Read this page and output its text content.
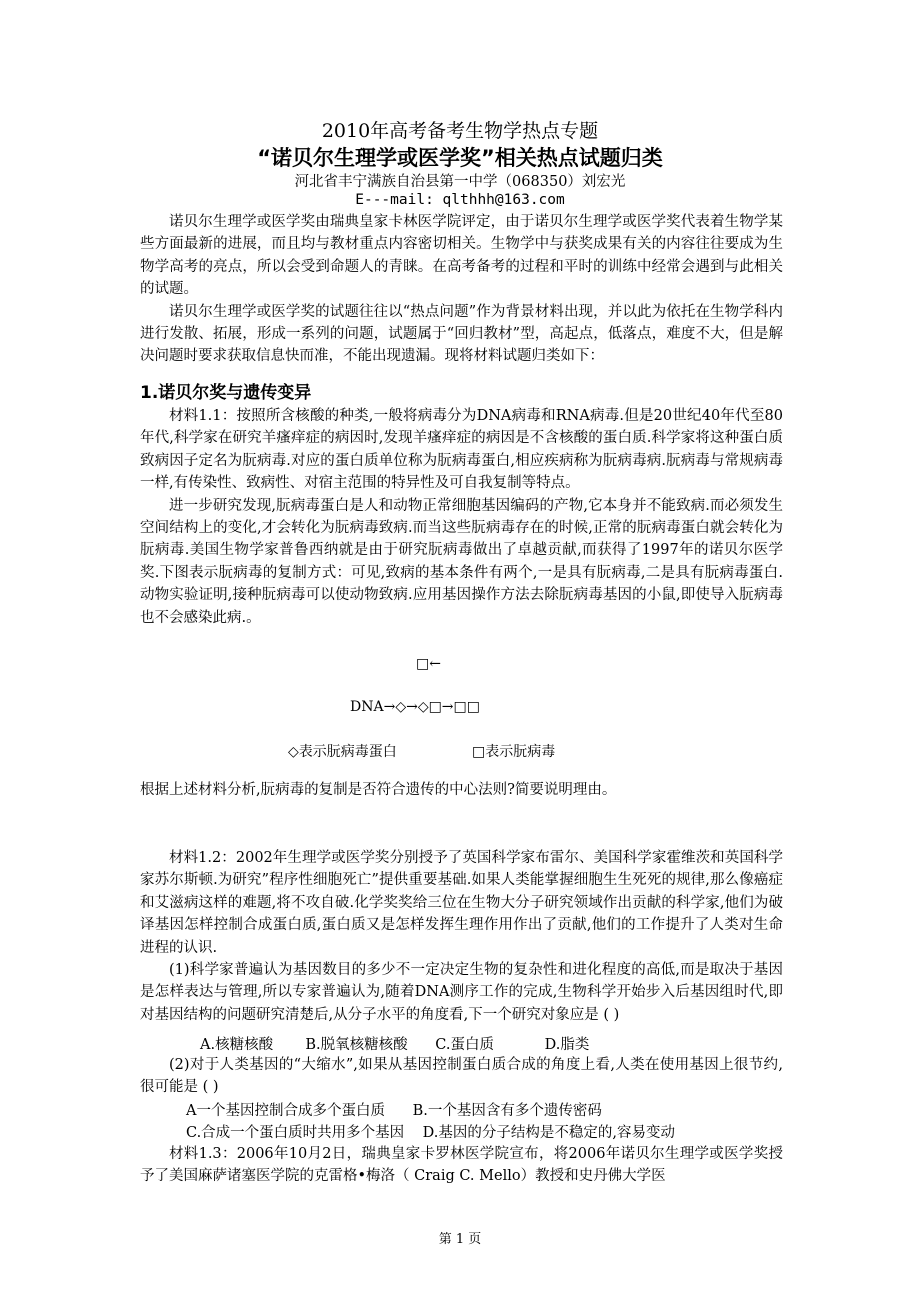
2010年高考备考生物学热点专题
“诺贝尔生理学或医学奖”相关热点试题归类
河北省丰宁满族自治县第一中学（068350）刘宏光
E---mail: qlthhh@163.com

诺贝尔生理学或医学奖由瑞典皇家卡林医学院评定，由于诺贝尔生理学或医学奖代表着生物学某些方面最新的进展，而且均与教材重点内容密切相关。生物学中与获奖成果有关的内容往往要成为生物学高考的亮点，所以会受到命题人的青睐。在高考备考的过程和平时的训练中经常会遇到与此相关的试题。

诺贝尔生理学或医学奖的试题往往以“热点问题”作为背景材料出现，并以此为依托在生物学科内进行发散、拓展，形成一系列的问题，试题属于“回归教材”型，高起点，低落点，难度不大，但是解决问题时要求获取信息快而准，不能出现遗漏。现将材料试题归类如下：

1.诺贝尔奖与遗传变异

材料1.1：按照所含核酸的种类,一般将病毒分为DNA病毒和RNA病毒.但是20世纪40年代至80年代,科学家在研究羊瘙痒症的病因时,发现羊瘙痒症的病因是不含核酸的蛋白质.科学家将这种蛋白质致病因子定名为朊病毒.对应的蛋白质单位称为朊病毒蛋白,相应疾病称为朊病毒病.朊病毒与常规病毒一样,有传染性、致病性、对宿主范围的特异性及可自我复制等特点。

进一步研究发现,朊病毒蛋白是人和动物正常细胞基因编码的产物,它本身并不能致病.而必须发生空间结构上的变化,才会转化为朊病毒致病.而当这些朊病毒存在的时候,正常的朊病毒蛋白就会转化为朊病毒.美国生物学家普鲁西纳就是由于研究朊病毒做出了卓越贡献,而获得了1997年的诺贝尔医学奖.下图表示朊病毒的复制方式：可见,致病的基本条件有两个,一是具有朊病毒,二是具有朊病毒蛋白.动物实验证明,接种朊病毒可以使动物致病.应用基因操作方法去除朊病毒基因的小鼠,即使导入朊病毒也不会感染此病.。

□←
DNA→◇→◇□→□□
◇表示朊病毒蛋白	□表示朊病毒

根据上述材料分析,朊病毒的复制是否符合遗传的中心法则?简要说明理由。

材料1.2：2002年生理学或医学奖分别授予了英国科学家布雷尔、美国科学家霍维茨和英国科学家苏尔斯顿.为研究”程序性细胞死亡”提供重要基础.如果人类能掌握细胞生生死死的规律,那么像癌症和艾滋病这样的难题,将不攻自破.化学奖奖给三位在生物大分子研究领域作出贡献的科学家,他们为破译基因怎样控制合成蛋白质,蛋白质又是怎样发挥生理作用作出了贡献,他们的工作提升了人类对生命进程的认识.

(1)科学家普遍认为基因数目的多少不一定决定生物的复杂性和进化程度的高低,而是取决于基因是怎样表达与管理,所以专家普遍认为,随着DNA测序工作的完成,生物科学开始步入后基因组时代,即对基因结构的问题研究清楚后,从分子水平的角度看,下一个研究对象应是 ( )

A.核糖核酸       B.脱氧核糖核酸      C.蛋白质           D.脂类

(2)对于人类基因的“大缩水”,如果从基因控制蛋白质合成的角度上看,人类在使用基因上很节约,很可能是 ( )

A一个基因控制合成多个蛋白质      B.一个基因含有多个遗传密码
C.合成一个蛋白质时共用多个基因    D.基因的分子结构是不稳定的,容易变动

材料1.3：2006年10月2日，瑞典皇家卡罗林医学院宣布，将2006年诺贝尔生理学或医学奖授予了美国麻萨诸塞医学院的克雷格•梅洛（ Craig C. Mello）教授和史丹佛大学医

第 1 页
